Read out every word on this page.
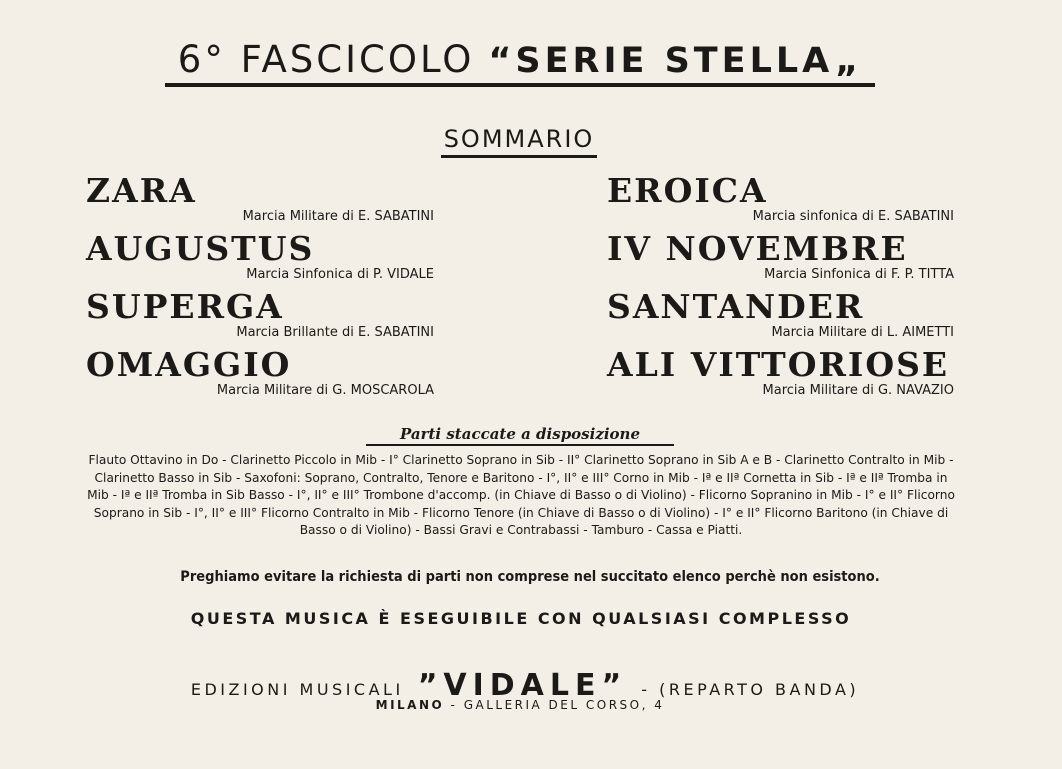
6° FASCICOLO “SERIE STELLA„
SOMMARIO
ZARA
Marcia Militare di E. SABATINI
AUGUSTUS
Marcia Sinfonica di P. VIDALE
SUPERGA
Marcia Brillante di E. SABATINI
OMAGGIO
Marcia Militare di G. MOSCAROLA
EROICA
Marcia sinfonica di E. SABATINI
IV NOVEMBRE
Marcia Sinfonica di F. P. TITTA
SANTANDER
Marcia Militare di L. AIMETTI
ALI VITTORIOSE
Marcia Militare di G. NAVAZIO
Parti staccate a disposizione
Flauto Ottavino in Do - Clarinetto Piccolo in Mib - I° Clarinetto Soprano in Sib - II° Clarinetto Soprano in Sib A e B - Clarinetto Contralto in Mib - Clarinetto Basso in Sib - Saxofoni: Soprano, Contralto, Tenore e Baritono - I°, II° e III° Corno in Mib - Iª e IIª Cornetta in Sib - Iª e IIª Tromba in Mib - Iª e IIª Tromba in Sib Basso - I°, II° e III° Trombone d'accomp. (in Chiave di Basso o di Violino) - Flicorno Sopranino in Mib - I° e II° Flicorno Soprano in Sib - I°, II° e III° Flicorno Contralto in Mib - Flicorno Tenore (in Chiave di Basso o di Violino) - I° e II° Flicorno Baritono (in Chiave di Basso o di Violino) - Bassi Gravi e Contrabassi - Tamburo - Cassa e Piatti.
Preghiamo evitare la richiesta di parti non comprese nel succitato elenco perchè non esistono.
QUESTA MUSICA È ESEGUIBILE CON QUALSIASI COMPLESSO
EDIZIONI MUSICALI ”VIDALE” - (REPARTO BANDA)
MILANO - GALLERIA DEL CORSO, 4
